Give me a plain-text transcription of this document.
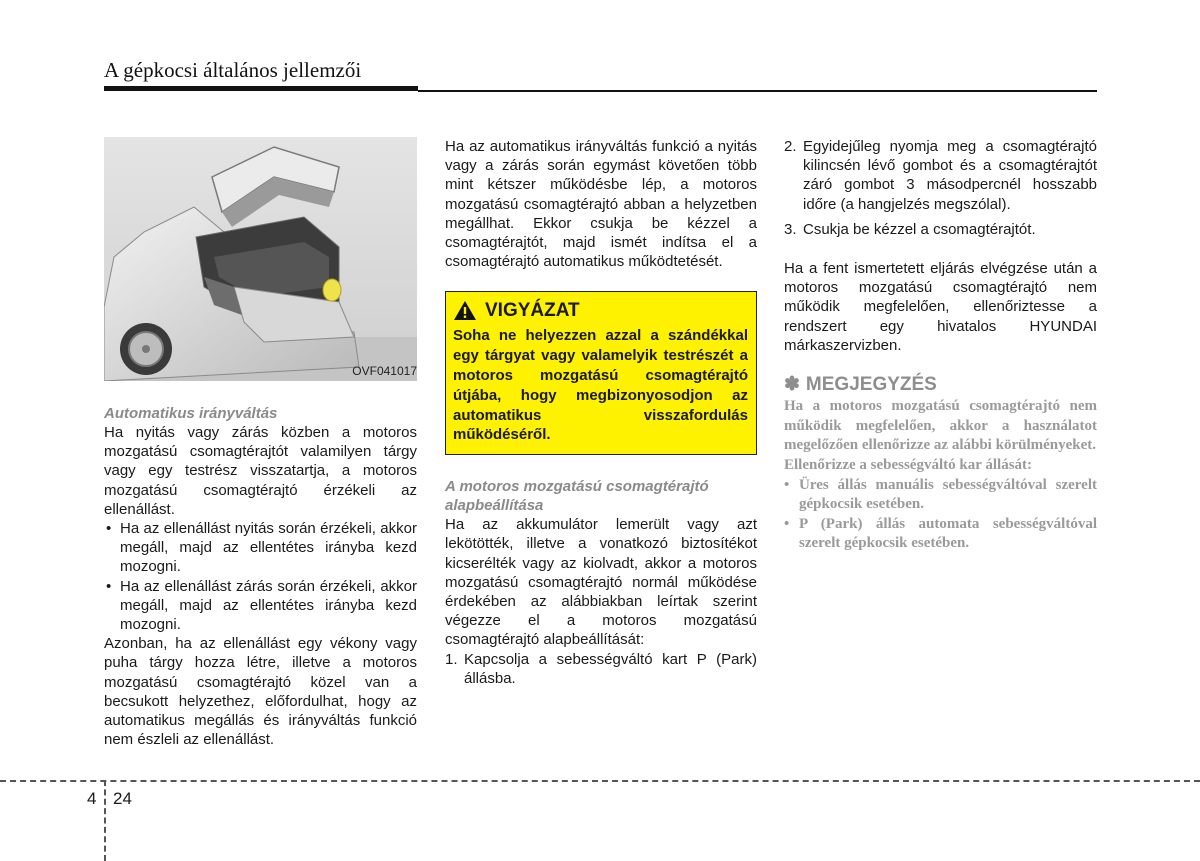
A gépkocsi általános jellemzői
OVF041017
Automatikus irányváltás

Ha nyitás vagy zárás közben a motoros mozgatású csomagtérajtót valamilyen tárgy vagy egy testrész visszatartja, a motoros mozgatású csomagtérajtó érzékeli az ellenállást.

• Ha az ellenállást nyitás során érzékeli, akkor megáll, majd az ellentétes irányba kezd mozogni.
• Ha az ellenállást zárás során érzékeli, akkor megáll, majd az ellentétes irányba kezd mozogni.

Azonban, ha az ellenállást egy vékony vagy puha tárgy hozza létre, illetve a motoros mozgatású csomagtérajtó közel van a becsukott helyzethez, előfordulhat, hogy az automatikus megállás és irányváltás funkció nem észleli az ellenállást.

Ha az automatikus irányváltás funkció a nyitás vagy a zárás során egymást követően több mint kétszer működésbe lép, a motoros mozgatású csomagtérajtó abban a helyzetben megállhat. Ekkor csukja be kézzel a csomagtérajtót, majd ismét indítsa el a csomagtérajtó automatikus működtetését.

VIGYÁZAT
Soha ne helyezzen azzal a szándékkal egy tárgyat vagy valamelyik testrészét a motoros mozgatású csomagtérajtó útjába, hogy megbizonyosodjon az automatikus visszafordulás működéséről.
A motoros mozgatású csomagtérajtó alapbeállítása

Ha az akkumulátor lemerült vagy azt lekötötték, illetve a vonatkozó biztosítékot kicserélték vagy az kiolvadt, akkor a motoros mozgatású csomagtérajtó normál működése érdekében az alábbiakban leírtak szerint végezze el a motoros mozgatású csomagtérajtó alapbeállítását:

1. Kapcsolja a sebességváltó kart P (Park) állásba.
2. Egyidejűleg nyomja meg a csomagtérajtó kilincsén lévő gombot és a csomagtérajtót záró gombot 3 másodpercnél hosszabb időre (a hangjelzés megszólal).
3. Csukja be kézzel a csomagtérajtót.

Ha a fent ismertetett eljárás elvégzése után a motoros mozgatású csomagtérajtó nem működik megfelelően, ellenőriztesse a rendszert egy hivatalos HYUNDAI márkaszervizben.

✽ MEGJEGYZÉS
Ha a motoros mozgatású csomagtérajtó nem működik megfelelően, akkor a használatot megelőzően ellenőrizze az alábbi körülményeket.
Ellenőrizze a sebességváltó kar állását:
• Üres állás manuális sebességváltóval szerelt gépkocsik esetében.
• P (Park) állás automata sebességváltóval szerelt gépkocsik esetében.
4 24
